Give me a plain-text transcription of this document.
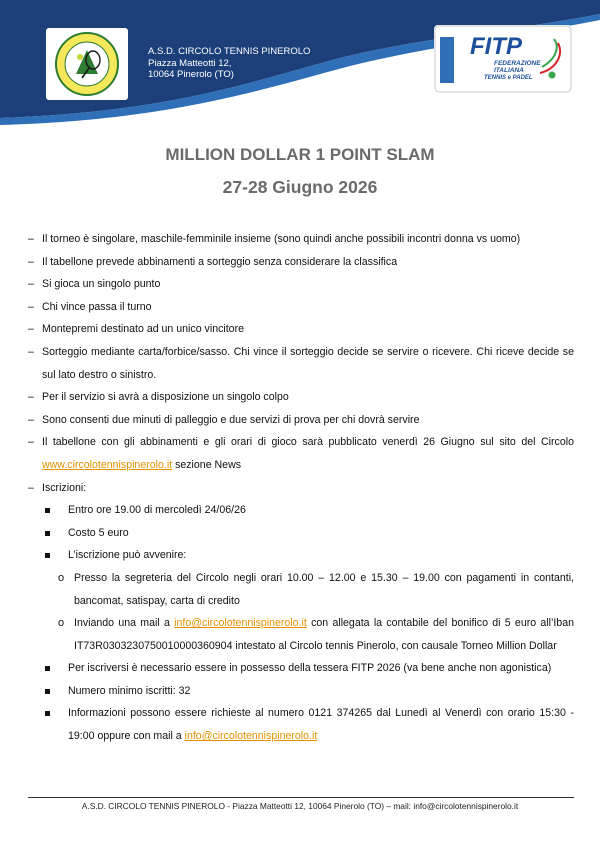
A.S.D. CIRCOLO TENNIS PINEROLO
Piazza Matteotti 12,
10064 Pinerolo (TO)
FITP
FEDERAZIONE
ITALIANA
TENNIS e PADEL
MILLION DOLLAR 1 POINT SLAM
27-28 Giugno 2026
– Il torneo è singolare, maschile-femminile insieme (sono quindi anche possibili incontri donna vs uomo)
– Il tabellone prevede abbinamenti a sorteggio senza considerare la classifica
– Si gioca un singolo punto
– Chi vince passa il turno
– Montepremi destinato ad un unico vincitore
– Sorteggio mediante carta/forbice/sasso. Chi vince il sorteggio decide se servire o ricevere. Chi riceve decide se sul lato destro o sinistro.
– Per il servizio si avrà a disposizione un singolo colpo
– Sono consenti due minuti di palleggio e due servizi di prova per chi dovrà servire
– Il tabellone con gli abbinamenti e gli orari di gioco sarà pubblicato venerdì 26 Giugno sul sito del Circolo www.circolotennispinerolo.it sezione News
– Iscrizioni:
Entro ore 19.00 di mercoledì 24/06/26
Costo 5 euro
L’iscrizione può avvenire:
o Presso la segreteria del Circolo negli orari 10.00 – 12.00 e 15.30 – 19.00 con pagamenti in contanti, bancomat, satispay, carta di credito
o Inviando una mail a info@circolotennispinerolo.it con allegata la contabile del bonifico di 5 euro all’Iban IT73R0303230750010000360904 intestato al Circolo tennis Pinerolo, con causale Torneo Million Dollar
Per iscriversi è necessario essere in possesso della tessera FITP 2026 (va bene anche non agonistica)
Numero minimo iscritti: 32
Informazioni possono essere richieste al numero 0121 374265 dal Lunedì al Venerdì con orario 15:30 - 19:00 oppure con mail a info@circolotennispinerolo.it
A.S.D. CIRCOLO TENNIS PINEROLO - Piazza Matteotti 12, 10064 Pinerolo (TO) – mail: info@circolotennispinerolo.it
